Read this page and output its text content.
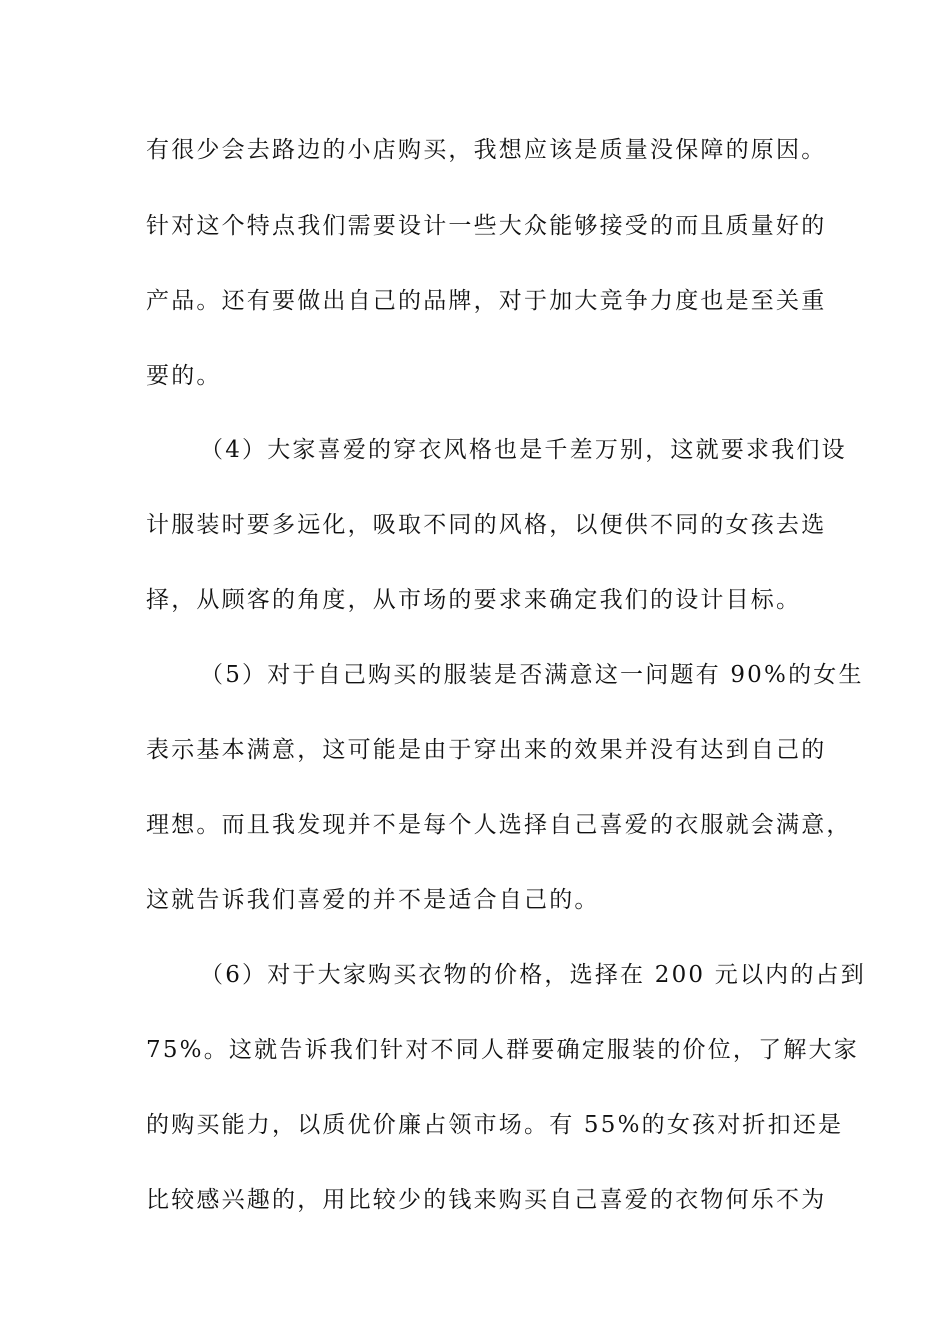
有很少会去路边的小店购买，我想应该是质量没保障的原因。
针对这个特点我们需要设计一些大众能够接受的而且质量好的
产品。还有要做出自己的品牌，对于加大竞争力度也是至关重
要的。
（4）大家喜爱的穿衣风格也是千差万别，这就要求我们设
计服装时要多远化，吸取不同的风格，以便供不同的女孩去选
择，从顾客的角度，从市场的要求来确定我们的设计目标。
（5）对于自己购买的服装是否满意这一问题有 90%的女生
表示基本满意，这可能是由于穿出来的效果并没有达到自己的
理想。而且我发现并不是每个人选择自己喜爱的衣服就会满意，
这就告诉我们喜爱的并不是适合自己的。
（6）对于大家购买衣物的价格，选择在 200 元以内的占到
75%。这就告诉我们针对不同人群要确定服装的价位，了解大家
的购买能力，以质优价廉占领市场。有 55%的女孩对折扣还是
比较感兴趣的，用比较少的钱来购买自己喜爱的衣物何乐不为
